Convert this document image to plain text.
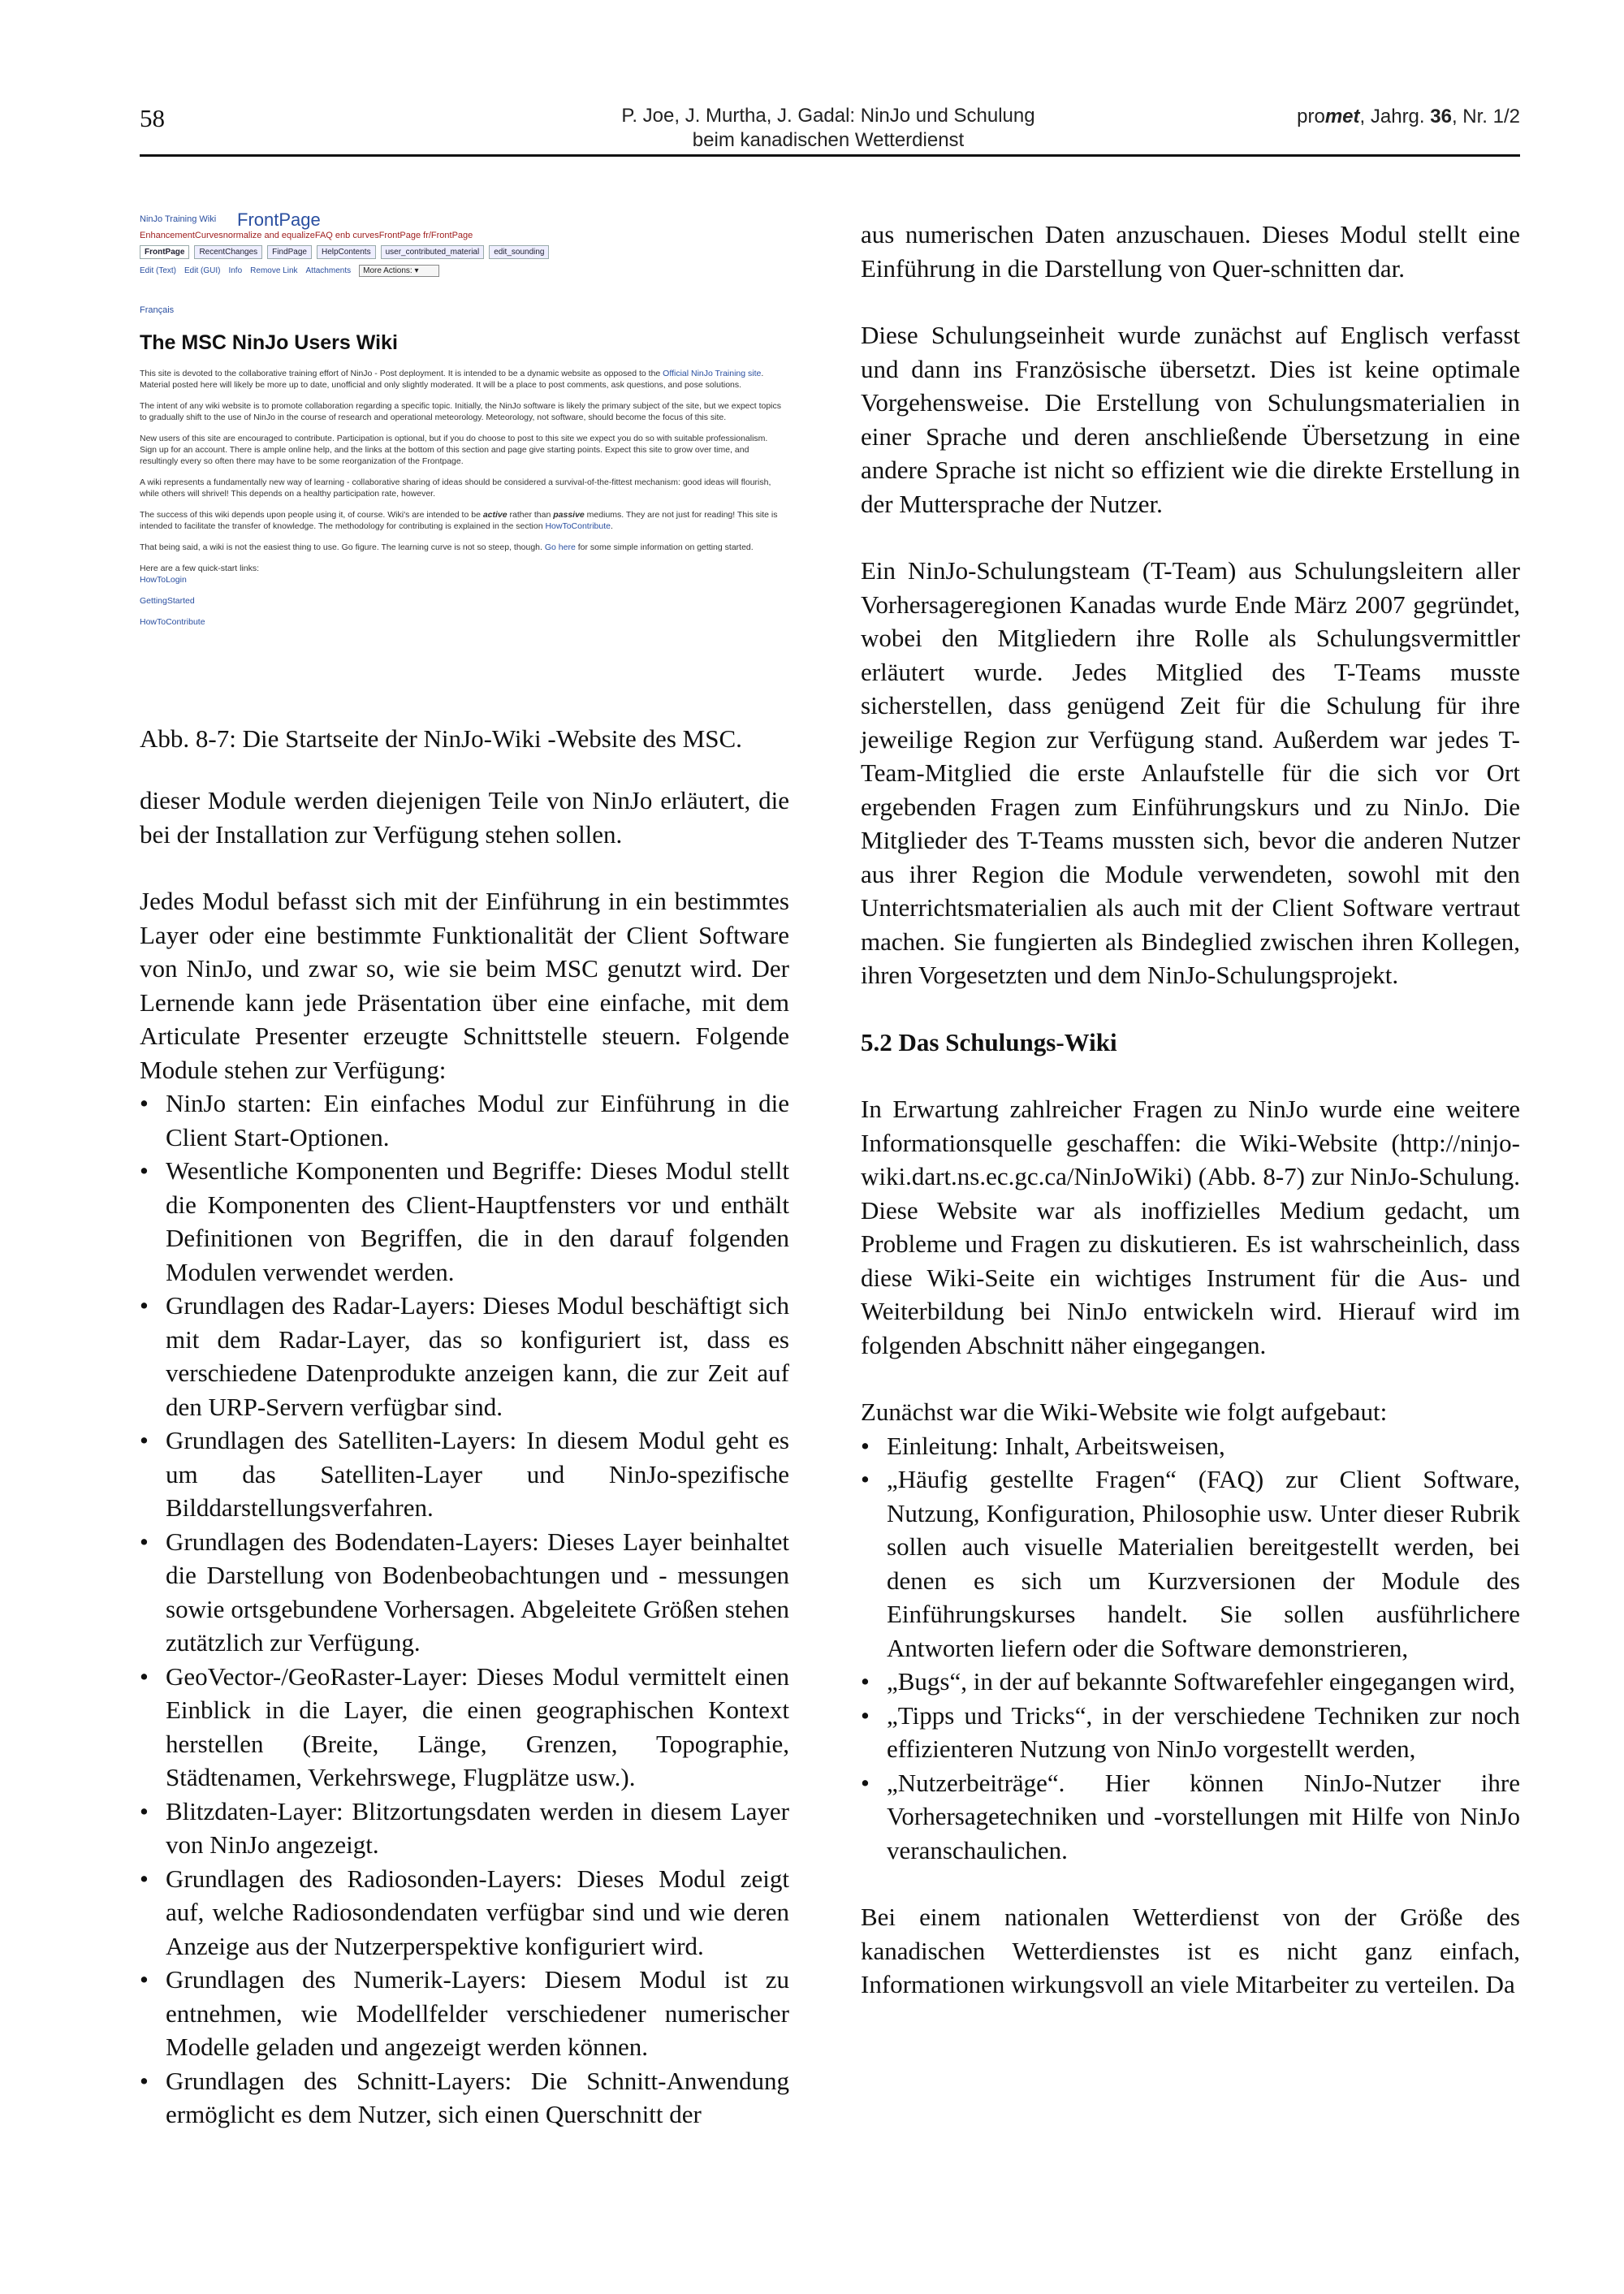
58	P. Joe, J. Murtha, J. Gadal: NinJo und Schulung
beim kanadischen Wetterdienst
promet, Jahrg. 36, Nr. 1/2
NinJo Training Wiki FrontPage
EnhancementCurvesnormalize and equalizeFAQ enb curvesFrontPage fr/FrontPage
FrontPage	RecentChanges	FindPage	HelpContents	user_contributed_material	edit_sounding
Edit (Text) Edit (GUI) Info Remove Link Attachments	More Actions: ▾
Français
The MSC NinJo Users Wiki

This site is devoted to the collaborative training effort of NinJo - Post deployment. It is intended to be a dynamic website as opposed to the Official NinJo Training site. Material posted here will likely be more up to date, unofficial and only slightly moderated. It will be a place to post comments, ask questions, and pose solutions.

The intent of any wiki website is to promote collaboration regarding a specific topic. Initially, the NinJo software is likely the primary subject of the site, but we expect topics to gradually shift to the use of NinJo in the course of research and operational meteorology. Meteorology, not software, should become the focus of this site.

New users of this site are encouraged to contribute. Participation is optional, but if you do choose to post to this site we expect you do so with suitable professionalism. Sign up for an account. There is ample online help, and the links at the bottom of this section and page give starting points. Expect this site to grow over time, and resultingly every so often there may have to be some reorganization of the Frontpage.

A wiki represents a fundamentally new way of learning - collaborative sharing of ideas should be considered a survival-of-the-fittest mechanism: good ideas will flourish, while others will shrivel! This depends on a healthy participation rate, however.

The success of this wiki depends upon people using it, of course. Wiki's are intended to be active rather than passive mediums. They are not just for reading! This site is intended to facilitate the transfer of knowledge. The methodology for contributing is explained in the section HowToContribute.

That being said, a wiki is not the easiest thing to use. Go figure. The learning curve is not so steep, though. Go here for some simple information on getting started.

Here are a few quick-start links:

HowToLogin

GettingStarted

HowToContribute

Abb. 8-7: Die Startseite der NinJo-Wiki -Website des MSC.

dieser Module werden diejenigen Teile von NinJo erläutert, die bei der Installation zur Verfügung stehen sollen.

Jedes Modul befasst sich mit der Einführung in ein bestimmtes Layer oder eine bestimmte Funktionalität der Client Software von NinJo, und zwar so, wie sie beim MSC genutzt wird. Der Lernende kann jede Präsentation über eine einfache, mit dem Articulate Presenter erzeugte Schnittstelle steuern. Folgende Module stehen zur Verfügung:

• NinJo starten: Ein einfaches Modul zur Einführung in die Client Start-Optionen.
• Wesentliche Komponenten und Begriffe: Dieses Modul stellt die Komponenten des Client-Hauptfensters vor und enthält Definitionen von Begriffen, die in den darauf folgenden Modulen verwendet werden.
• Grundlagen des Radar-Layers: Dieses Modul beschäftigt sich mit dem Radar-Layer, das so konfiguriert ist, dass es verschiedene Datenprodukte anzeigen kann, die zur Zeit auf den URP-Servern verfügbar sind.
• Grundlagen des Satelliten-Layers: In diesem Modul geht es um das Satelliten-Layer und NinJo-spezifische Bilddarstellungsverfahren.
• Grundlagen des Bodendaten-Layers: Dieses Layer beinhaltet die Darstellung von Bodenbeobachtungen und - messungen sowie ortsgebundene Vorhersagen. Abgeleitete Größen stehen zutätzlich zur Verfügung.
• GeoVector-/GeoRaster-Layer: Dieses Modul vermittelt einen Einblick in die Layer, die einen geographischen Kontext herstellen (Breite, Länge, Grenzen, Topographie, Städtenamen, Verkehrswege, Flugplätze usw.).
• Blitzdaten-Layer: Blitzortungsdaten werden in diesem Layer von NinJo angezeigt.
• Grundlagen des Radiosonden-Layers: Dieses Modul zeigt auf, welche Radiosondendaten verfügbar sind und wie deren Anzeige aus der Nutzerperspektive konfiguriert wird.
• Grundlagen des Numerik-Layers: Diesem Modul ist zu entnehmen, wie Modellfelder verschiedener numerischer Modelle geladen und angezeigt werden können.
• Grundlagen des Schnitt-Layers: Die Schnitt-Anwendung ermöglicht es dem Nutzer, sich einen Querschnitt der

aus numerischen Daten anzuschauen. Dieses Modul stellt eine Einführung in die Darstellung von Quer-schnitten dar.

Diese Schulungseinheit wurde zunächst auf Englisch verfasst und dann ins Französische übersetzt. Dies ist keine optimale Vorgehensweise. Die Erstellung von Schulungsmaterialien in einer Sprache und deren anschließende Übersetzung in eine andere Sprache ist nicht so effizient wie die direkte Erstellung in der Muttersprache der Nutzer.

Ein NinJo-Schulungsteam (T-Team) aus Schulungsleitern aller Vorhersageregionen Kanadas wurde Ende März 2007 gegründet, wobei den Mitgliedern ihre Rolle als Schulungsvermittler erläutert wurde. Jedes Mitglied des T-Teams musste sicherstellen, dass genügend Zeit für die Schulung für ihre jeweilige Region zur Verfügung stand. Außerdem war jedes T-Team-Mitglied die erste Anlaufstelle für die sich vor Ort ergebenden Fragen zum Einführungskurs und zu NinJo. Die Mitglieder des T-Teams mussten sich, bevor die anderen Nutzer aus ihrer Region die Module verwendeten, sowohl mit den Unterrichtsmaterialien als auch mit der Client Software vertraut machen. Sie fungierten als Bindeglied zwischen ihren Kollegen, ihren Vorgesetzten und dem NinJo-Schulungsprojekt.

5.2 Das Schulungs-Wiki

In Erwartung zahlreicher Fragen zu NinJo wurde eine weitere Informationsquelle geschaffen: die Wiki-Website (http://ninjo-wiki.dart.ns.ec.gc.ca/NinJoWiki) (Abb. 8-7) zur NinJo-Schulung. Diese Website war als inoffizielles Medium gedacht, um Probleme und Fragen zu diskutieren. Es ist wahrscheinlich, dass diese Wiki-Seite ein wichtiges Instrument für die Aus- und Weiterbildung bei NinJo entwickeln wird. Hierauf wird im folgenden Abschnitt näher eingegangen.

Zunächst war die Wiki-Website wie folgt aufgebaut:

• Einleitung: Inhalt, Arbeitsweisen,
• „Häufig gestellte Fragen“ (FAQ) zur Client Software, Nutzung, Konfiguration, Philosophie usw. Unter dieser Rubrik sollen auch visuelle Materialien bereitgestellt werden, bei denen es sich um Kurzversionen der Module des Einführungskurses handelt. Sie sollen ausführlichere Antworten liefern oder die Software demonstrieren,
• „Bugs“, in der auf bekannte Softwarefehler eingegangen wird,
• „Tipps und Tricks“, in der verschiedene Techniken zur noch effizienteren Nutzung von NinJo vorgestellt werden,
• „Nutzerbeiträge“. Hier können NinJo-Nutzer ihre Vorhersagetechniken und -vorstellungen mit Hilfe von NinJo veranschaulichen.

Bei einem nationalen Wetterdienst von der Größe des kanadischen Wetterdienstes ist es nicht ganz einfach, Informationen wirkungsvoll an viele Mitarbeiter zu verteilen. Da
